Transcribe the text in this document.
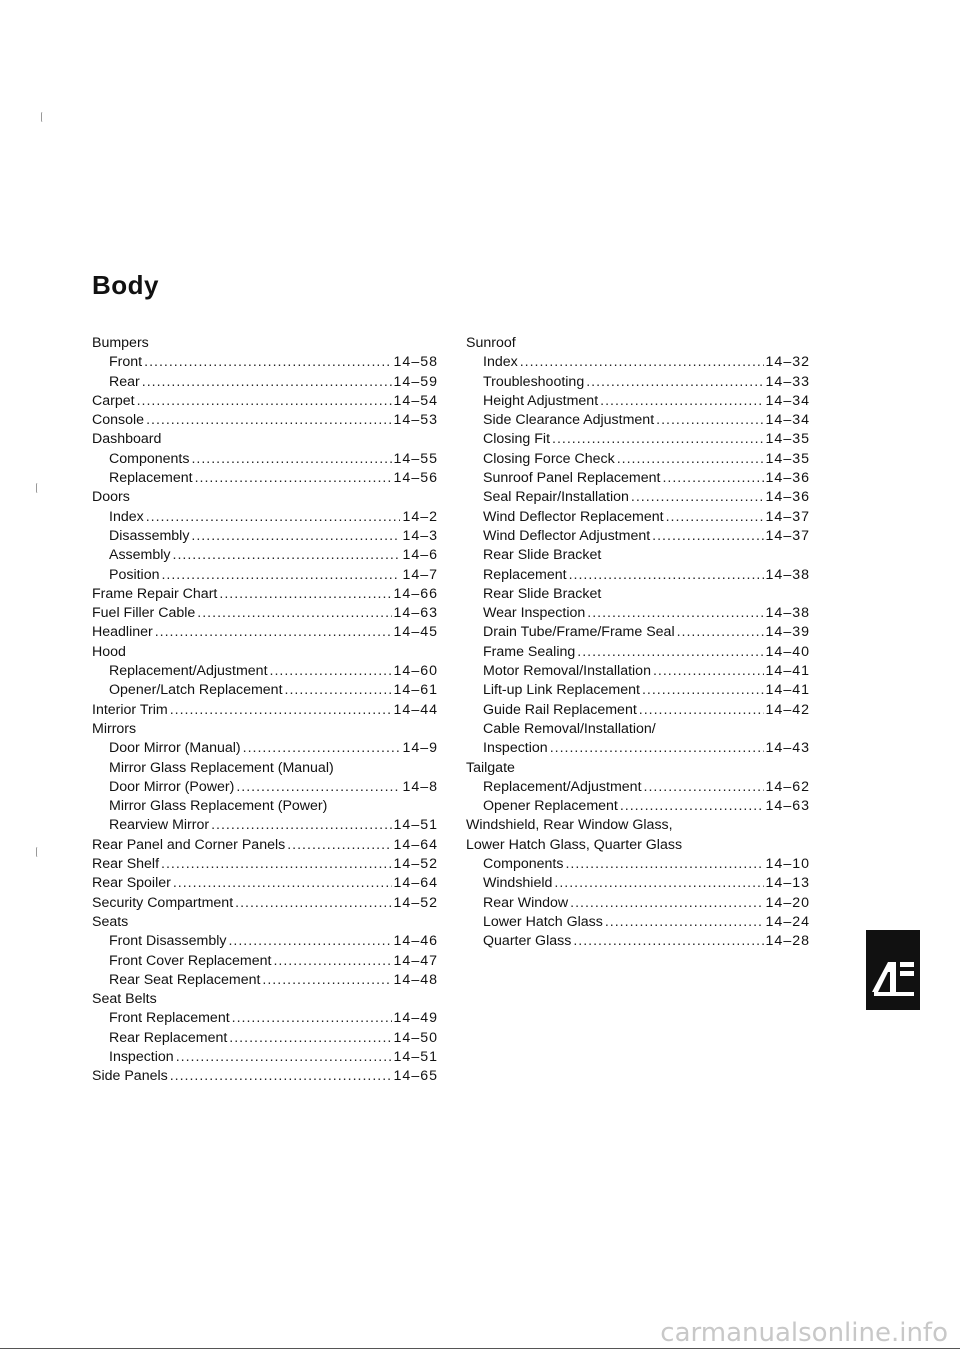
Body
Bumpers
Front .....	14–58
Rear .....	14–59
Carpet .....	14–54
Console .....	14–53
Dashboard
Components .....	14–55
Replacement .....	14–56
Doors
Index .....	14–2
Disassembly .....	14–3
Assembly .....	14–6
Position .....	14–7
Frame Repair Chart .....	14–66
Fuel Filler Cable .....	14–63
Headliner .....	14–45
Hood
Replacement/Adjustment .....	14–60
Opener/Latch Replacement .....	14–61
Interior Trim .....	14–44
Mirrors
Door Mirror (Manual) .....	14–9
Mirror Glass Replacement (Manual)
Door Mirror (Power) .....	14–8
Mirror Glass Replacement (Power)
Rearview Mirror .....	14–51
Rear Panel and Corner Panels .....	14–64
Rear Shelf .....	14–52
Rear Spoiler .....	14–64
Security Compartment .....	14–52
Seats
Front Disassembly .....	14–46
Front Cover Replacement .....	14–47
Rear Seat Replacement .....	14–48
Seat Belts
Front Replacement .....	14–49
Rear Replacement .....	14–50
Inspection .....	14–51
Side Panels .....	14–65
Sunroof
Index .....	14–32
Troubleshooting .....	14–33
Height Adjustment .....	14–34
Side Clearance Adjustment .....	14–34
Closing Fit .....	14–35
Closing Force Check .....	14–35
Sunroof Panel Replacement .....	14–36
Seal Repair/Installation .....	14–36
Wind Deflector Replacement .....	14–37
Wind Deflector Adjustment .....	14–37
Rear Slide Bracket
Replacement .....	14–38
Rear Slide Bracket
Wear Inspection .....	14–38
Drain Tube/Frame/Frame Seal .....	14–39
Frame Sealing .....	14–40
Motor Removal/Installation .....	14–41
Lift-up Link Replacement .....	14–41
Guide Rail Replacement .....	14–42
Cable Removal/Installation/
Inspection .....	14–43
Tailgate
Replacement/Adjustment .....	14–62
Opener Replacement .....	14–63
Windshield, Rear Window Glass,
Lower Hatch Glass, Quarter Glass
Components .....	14–10
Windshield .....	14–13
Rear Window .....	14–20
Lower Hatch Glass .....	14–24
Quarter Glass .....	14–28
carmanualsonline.info
